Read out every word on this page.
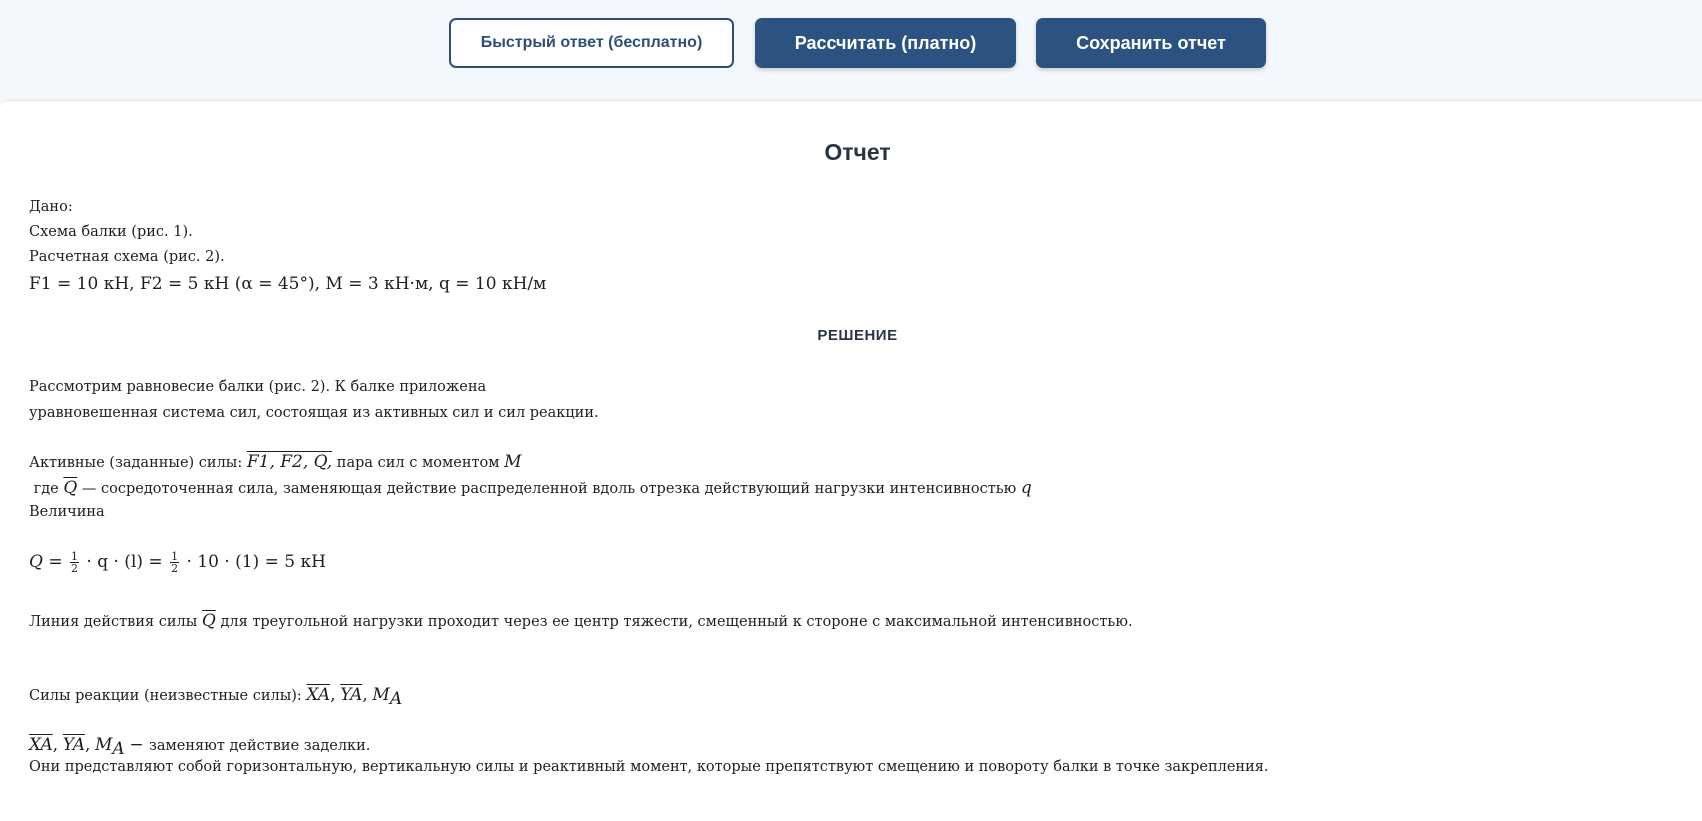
Быстрый ответ (бесплатно)	Рассчитать (платно)	Сохранить отчет
Отчет
Дано:
Схема балки (рис. 1).
Расчетная схема (рис. 2).
F1 = 10 кН, F2 = 5 кН (α = 45°), M = 3 кН·м, q = 10 кН/м
РЕШЕНИЕ
Рассмотрим равновесие балки (рис. 2). К балке приложена
уравновешенная система сил, состоящая из активных сил и сил реакции.
Активные (заданные) силы: F1, F2, Q, пара сил с моментом M
где $\overline{Q}$ — сосредоточенная сила, заменяющая действие распределенной вдоль отрезка действующий нагрузки интенсивностью q
Величина
$Q = \frac{1}{2} \cdot q \cdot (l) = \frac{1}{2} \cdot 10 \cdot (1) = 5$ кН
Линия действия силы $\overline{Q}$ для треугольной нагрузки проходит через ее центр тяжести, смещенный к стороне с максимальной интенсивностью.
Силы реакции (неизвестные силы): $\overline{XA}$, $\overline{YA}$, $M_A$
$\overline{XA}$, $\overline{YA}$, $M_A$ − заменяют действие заделки.
Они представляют собой горизонтальную, вертикальную силы и реактивный момент, которые препятствуют смещению и повороту балки в точке закрепления.
